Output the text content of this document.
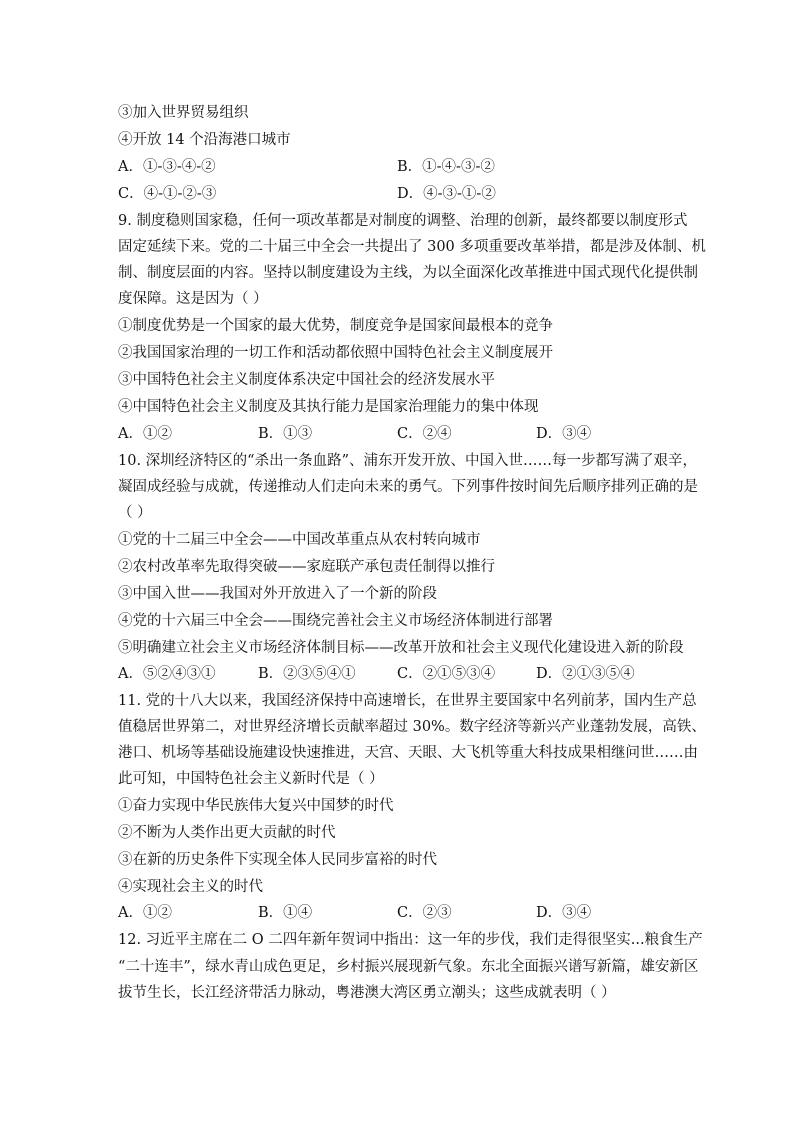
③加入世界贸易组织
④开放 14 个沿海港口城市
A．①-③-④-②	B．①-④-③-②
C．④-①-②-③	D．④-③-①-②
9. 制度稳则国家稳，任何一项改革都是对制度的调整、治理的创新，最终都要以制度形式
固定延续下来。党的二十届三中全会一共提出了 300 多项重要改革举措，都是涉及体制、机
制、制度层面的内容。坚持以制度建设为主线，为以全面深化改革推进中国式现代化提供制
度保障。这是因为（ ）
①制度优势是一个国家的最大优势，制度竞争是国家间最根本的竞争
②我国国家治理的一切工作和活动都依照中国特色社会主义制度展开
③中国特色社会主义制度体系决定中国社会的经济发展水平
④中国特色社会主义制度及其执行能力是国家治理能力的集中体现
A．①②	B．①③	C．②④	D．③④
10. 深圳经济特区的“杀出一条血路”、浦东开发开放、中国入世……每一步都写满了艰辛，
凝固成经验与成就，传递推动人们走向未来的勇气。下列事件按时间先后顺序排列正确的是
（ ）
①党的十二届三中全会——中国改革重点从农村转向城市
②农村改革率先取得突破——家庭联产承包责任制得以推行
③中国入世——我国对外开放进入了一个新的阶段
④党的十六届三中全会——围绕完善社会主义市场经济体制进行部署
⑤明确建立社会主义市场经济体制目标——改革开放和社会主义现代化建设进入新的阶段
A．⑤②④③①	B．②③⑤④①	C．②①⑤③④	D．②①③⑤④
11. 党的十八大以来，我国经济保持中高速增长，在世界主要国家中名列前茅，国内生产总
值稳居世界第二，对世界经济增长贡献率超过 30%。数字经济等新兴产业蓬勃发展，高铁、
港口、机场等基础设施建设快速推进，天宫、天眼、大飞机等重大科技成果相继问世……由
此可知，中国特色社会主义新时代是（ ）
①奋力实现中华民族伟大复兴中国梦的时代
②不断为人类作出更大贡献的时代
③在新的历史条件下实现全体人民同步富裕的时代
④实现社会主义的时代
A．①②	B．①④	C．②③	D．③④
12. 习近平主席在二 O 二四年新年贺词中指出：这一年的步伐，我们走得很坚实...粮食生产
“二十连丰”，绿水青山成色更足，乡村振兴展现新气象。东北全面振兴谱写新篇，雄安新区
拔节生长，长江经济带活力脉动，粤港澳大湾区勇立潮头；这些成就表明（ ）
